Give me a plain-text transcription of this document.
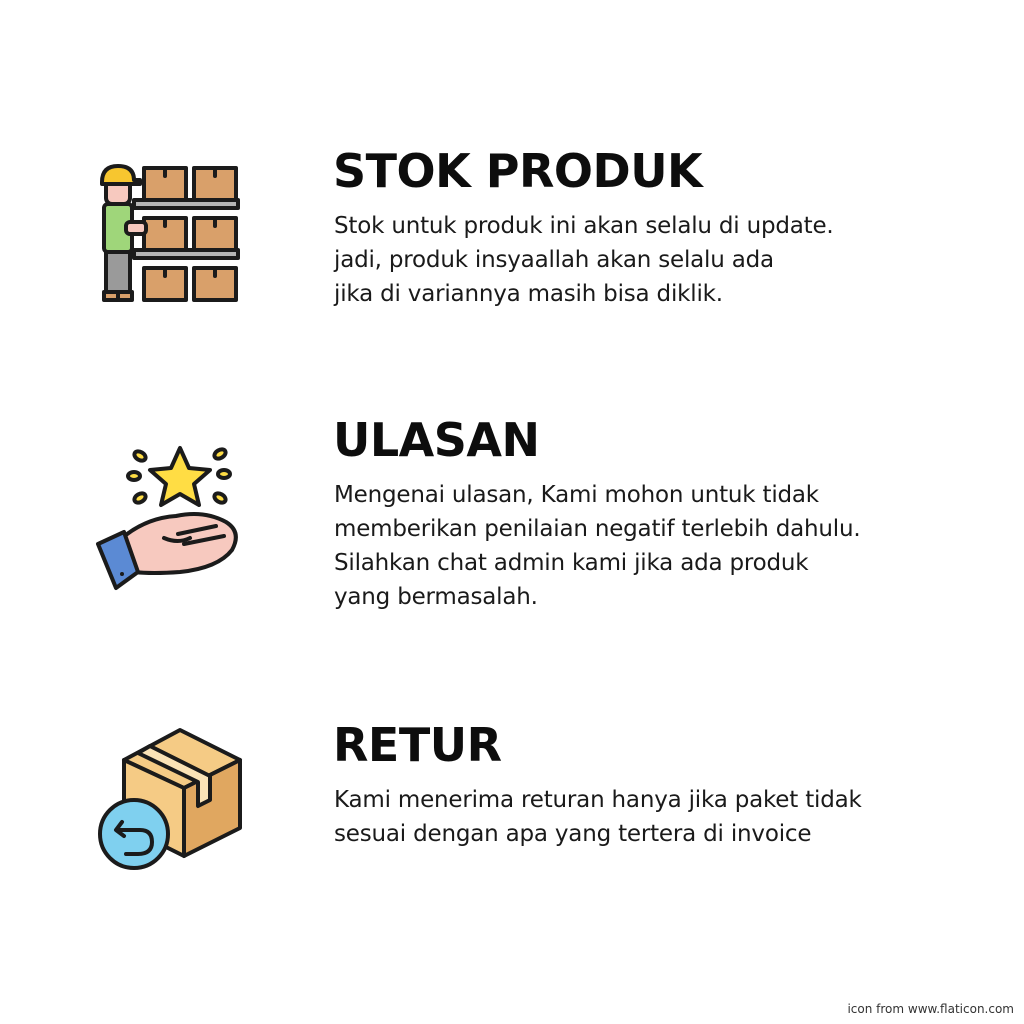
STOK PRODUK
Stok untuk produk ini akan selalu di update.
jadi, produk insyaallah akan selalu ada
jika di variannya masih bisa diklik.
ULASAN
Mengenai ulasan, Kami mohon untuk tidak
memberikan penilaian negatif terlebih dahulu.
Silahkan chat admin kami jika ada produk
yang bermasalah.
RETUR
Kami menerima returan hanya jika paket tidak
sesuai dengan apa yang tertera di invoice
icon from www.flaticon.com
